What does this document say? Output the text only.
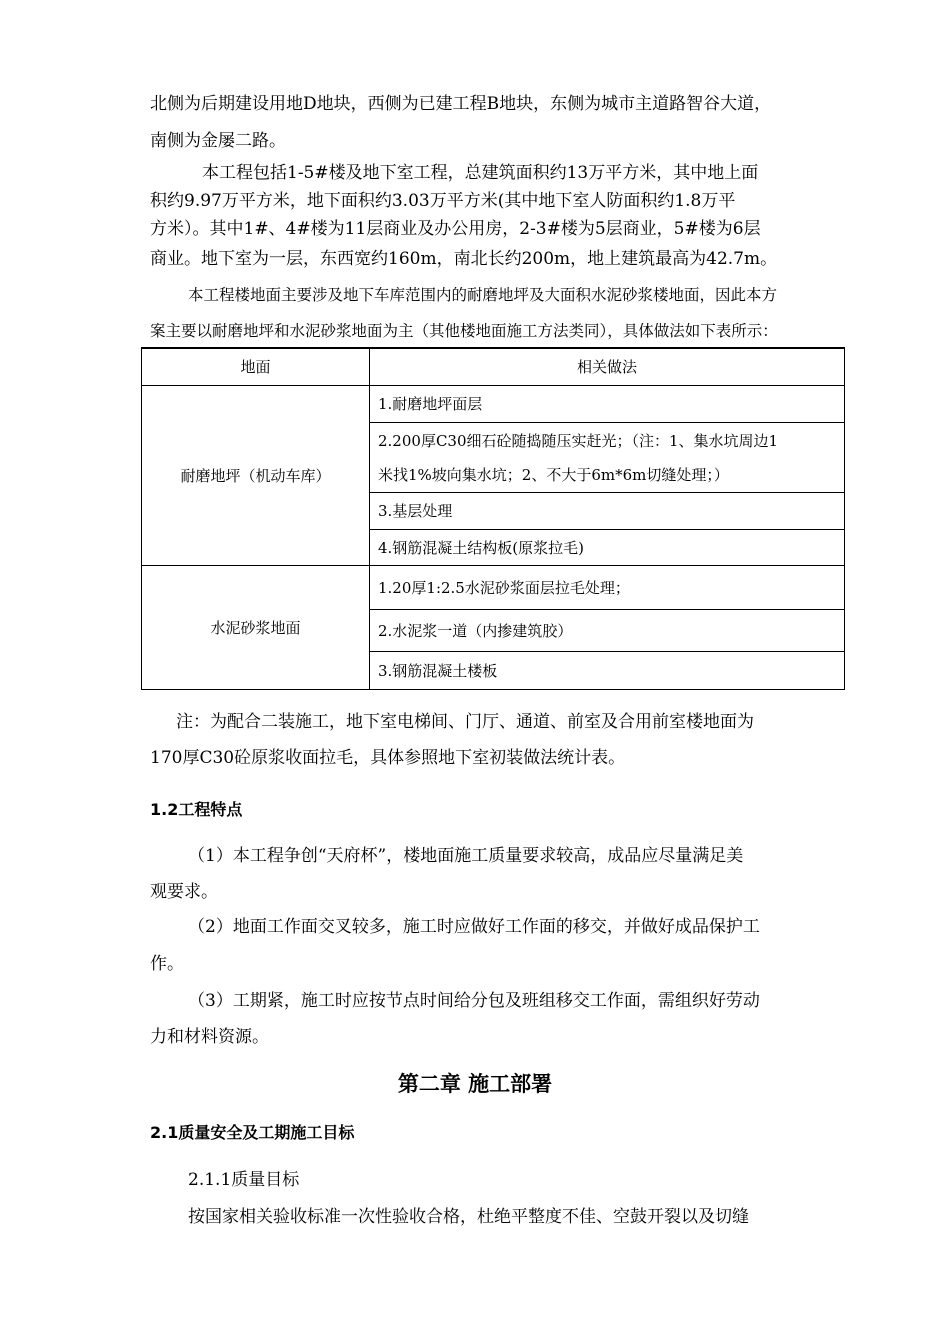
北侧为后期建设用地D地块，西侧为已建工程B地块，东侧为城市主道路智谷大道，
南侧为金屡二路。
本工程包括1-5#楼及地下室工程，总建筑面积约13万平方米，其中地上面
积约9.97万平方米，地下面积约3.03万平方米(其中地下室人防面积约1.8万平
方米）。其中1#、4#楼为11层商业及办公用房，2-3#楼为5层商业，5#楼为6层
商业。地下室为一层，东西宽约160m，南北长约200m，地上建筑最高为42.7m。
本工程楼地面主要涉及地下车库范围内的耐磨地坪及大面积水泥砂浆楼地面，因此本方
案主要以耐磨地坪和水泥砂浆地面为主（其他楼地面施工方法类同），具体做法如下表所示：
地面	相关做法
耐磨地坪（机动车库）	1.耐磨地坪面层

	2.200厚C30细石砼随捣随压实赶光；（注：1、集水坑周边1
米找1%坡向集水坑；2、不大于6m*6m切缝处理；）

	3.基层处理
	4.钢筋混凝土结构板(原浆拉毛)
水泥砂浆地面	1.20厚1:2.5水泥砂浆面层拉毛处理；
	2.水泥浆一道（内掺建筑胶）
	3.钢筋混凝土楼板
注：为配合二装施工，地下室电梯间、门厅、通道、前室及合用前室楼地面为
170厚C30砼原浆收面拉毛，具体参照地下室初装做法统计表。
1.2工程特点
（1）本工程争创“天府杯”，楼地面施工质量要求较高，成品应尽量满足美
观要求。
（2）地面工作面交叉较多，施工时应做好工作面的移交，并做好成品保护工
作。
（3）工期紧，施工时应按节点时间给分包及班组移交工作面，需组织好劳动
力和材料资源。
第二章 施工部署
2.1质量安全及工期施工目标
2.1.1质量目标
按国家相关验收标准一次性验收合格，杜绝平整度不佳、空鼓开裂以及切缝
